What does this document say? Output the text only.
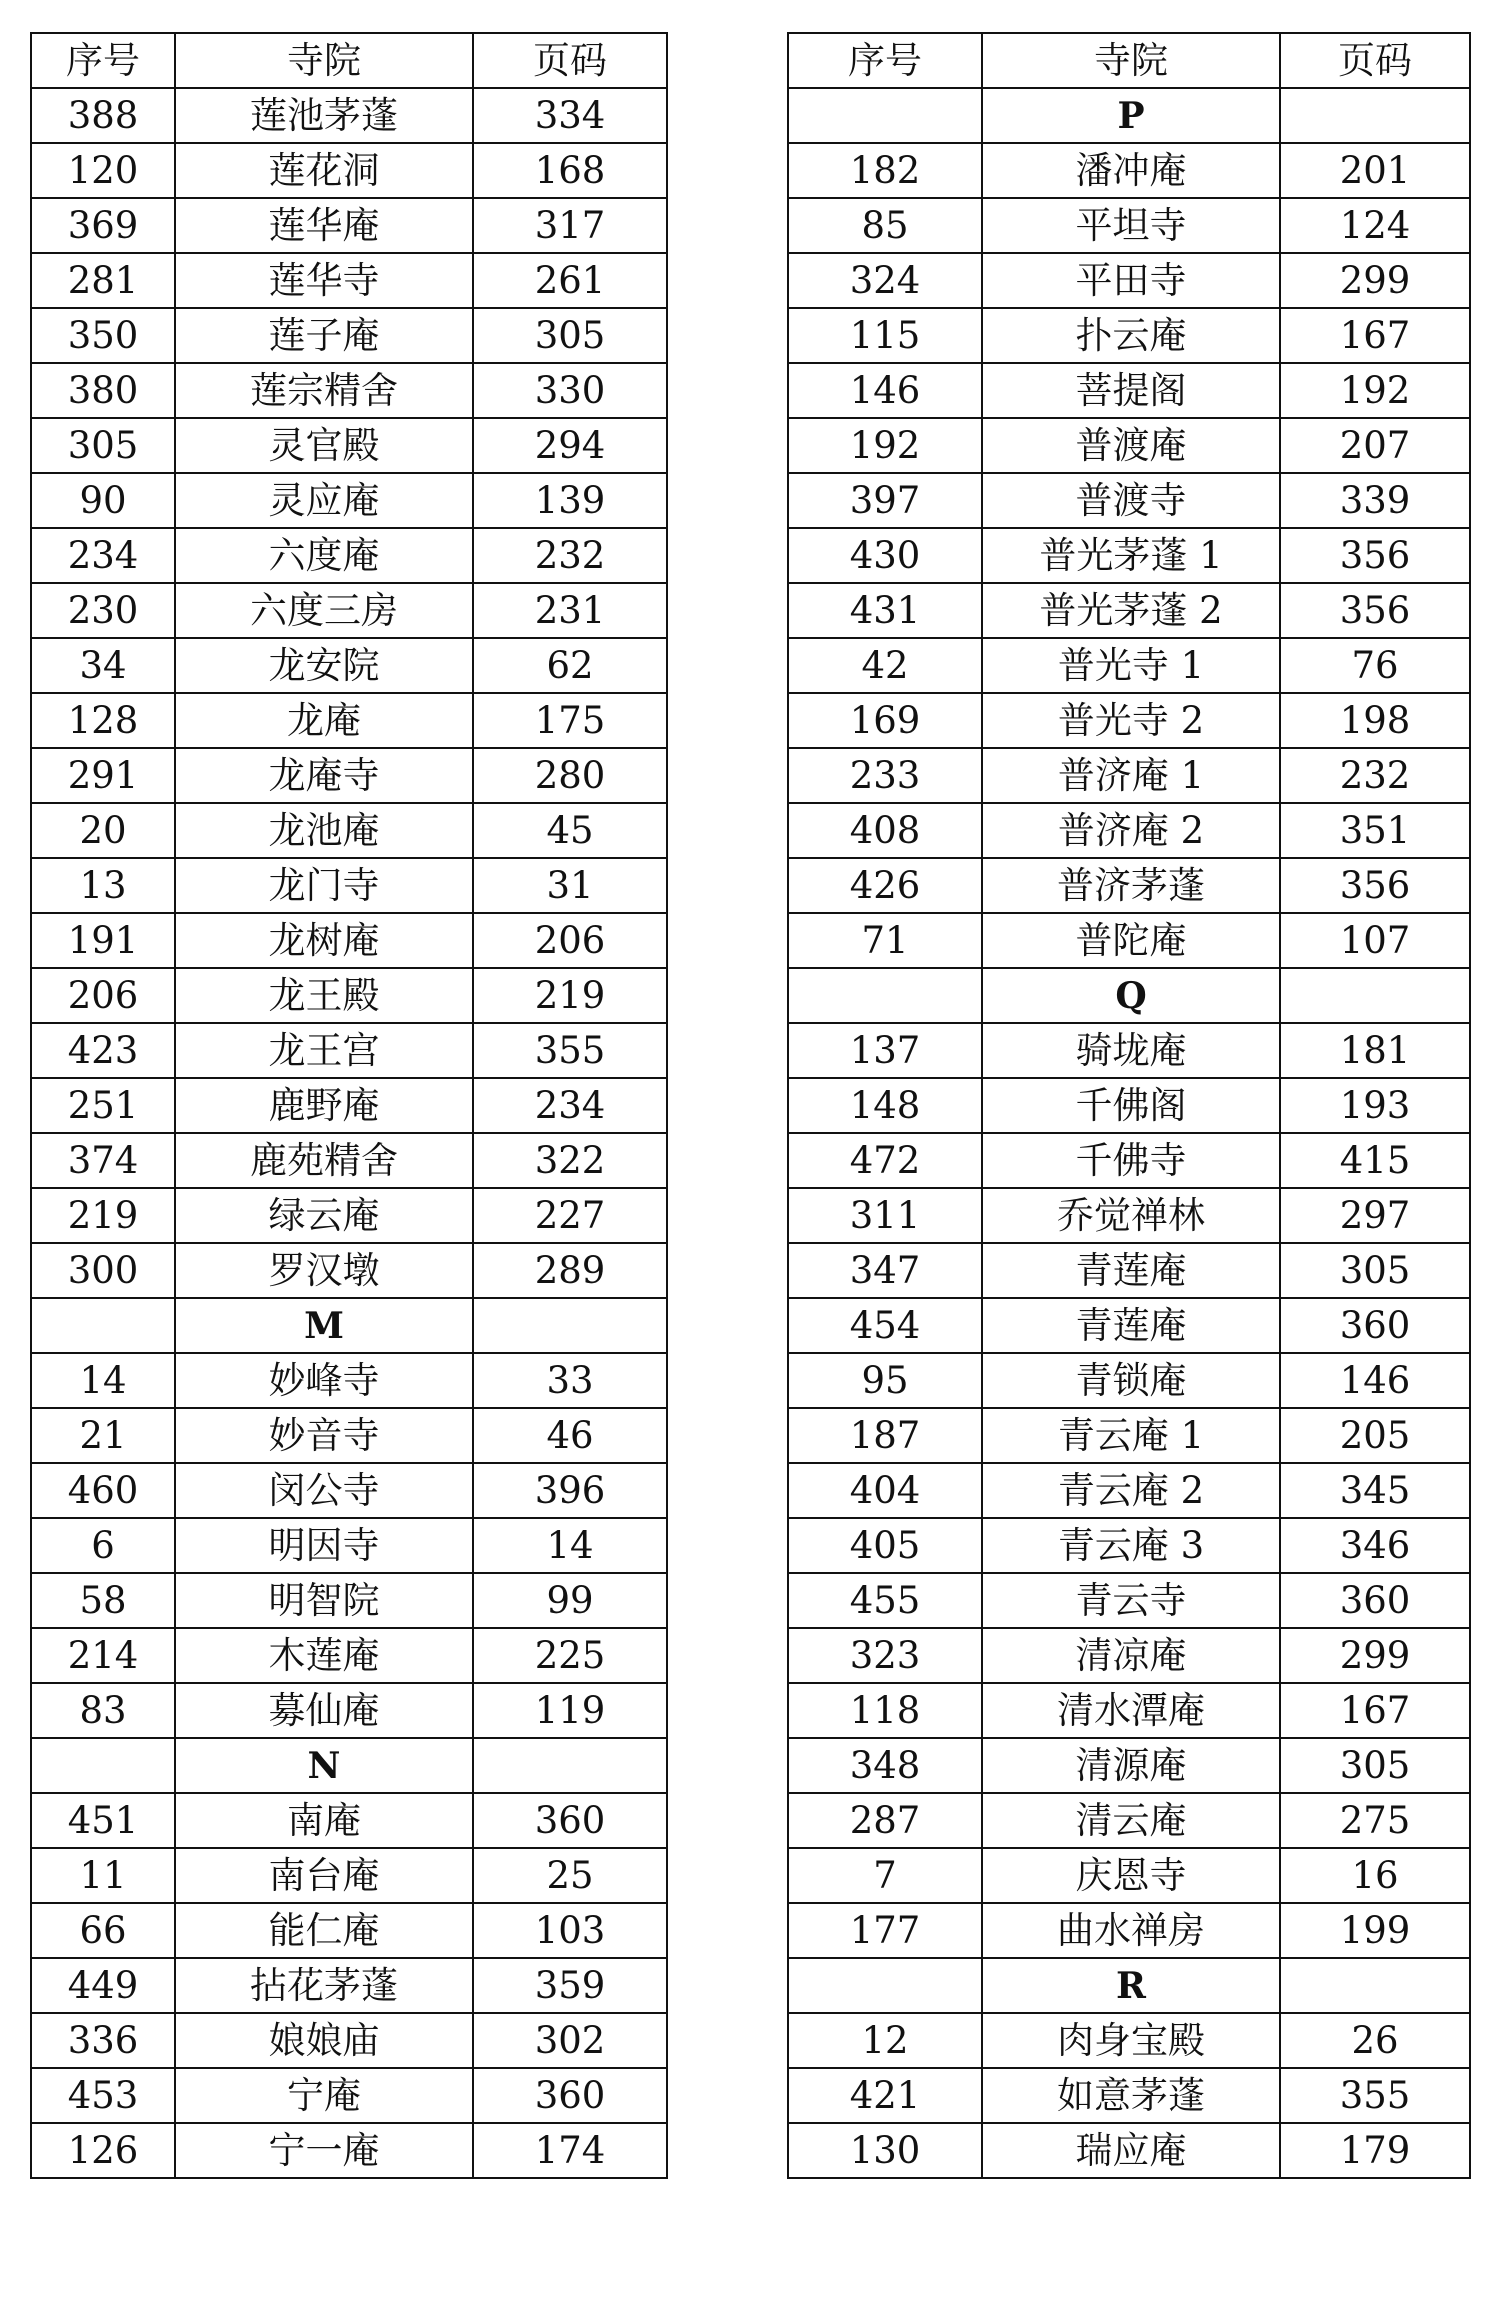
序号	寺院	页码
388	莲池茅蓬	334
120	莲花洞	168
369	莲华庵	317
281	莲华寺	261
350	莲子庵	305
380	莲宗精舍	330
305	灵官殿	294
90	灵应庵	139
234	六度庵	232
230	六度三房	231
34	龙安院	62
128	龙庵	175
291	龙庵寺	280
20	龙池庵	45
13	龙门寺	31
191	龙树庵	206
206	龙王殿	219
423	龙王宫	355
251	鹿野庵	234
374	鹿苑精舍	322
219	绿云庵	227
300	罗汉墩	289
	M	
14	妙峰寺	33
21	妙音寺	46
460	闵公寺	396
6	明因寺	14
58	明智院	99
214	木莲庵	225
83	募仙庵	119
	N	
451	南庵	360
11	南台庵	25
66	能仁庵	103
449	拈花茅蓬	359
336	娘娘庙	302
453	宁庵	360
126	宁一庵	174
序号	寺院	页码
	P	
182	潘冲庵	201
85	平坦寺	124
324	平田寺	299
115	扑云庵	167
146	菩提阁	192
192	普渡庵	207
397	普渡寺	339
430	普光茅蓬 1	356
431	普光茅蓬 2	356
42	普光寺 1	76
169	普光寺 2	198
233	普济庵 1	232
408	普济庵 2	351
426	普济茅蓬	356
71	普陀庵	107
	Q	
137	骑垅庵	181
148	千佛阁	193
472	千佛寺	415
311	乔觉禅林	297
347	青莲庵	305
454	青莲庵	360
95	青锁庵	146
187	青云庵 1	205
404	青云庵 2	345
405	青云庵 3	346
455	青云寺	360
323	清凉庵	299
118	清水潭庵	167
348	清源庵	305
287	清云庵	275
7	庆恩寺	16
177	曲水禅房	199
	R	
12	肉身宝殿	26
421	如意茅蓬	355
130	瑞应庵	179
